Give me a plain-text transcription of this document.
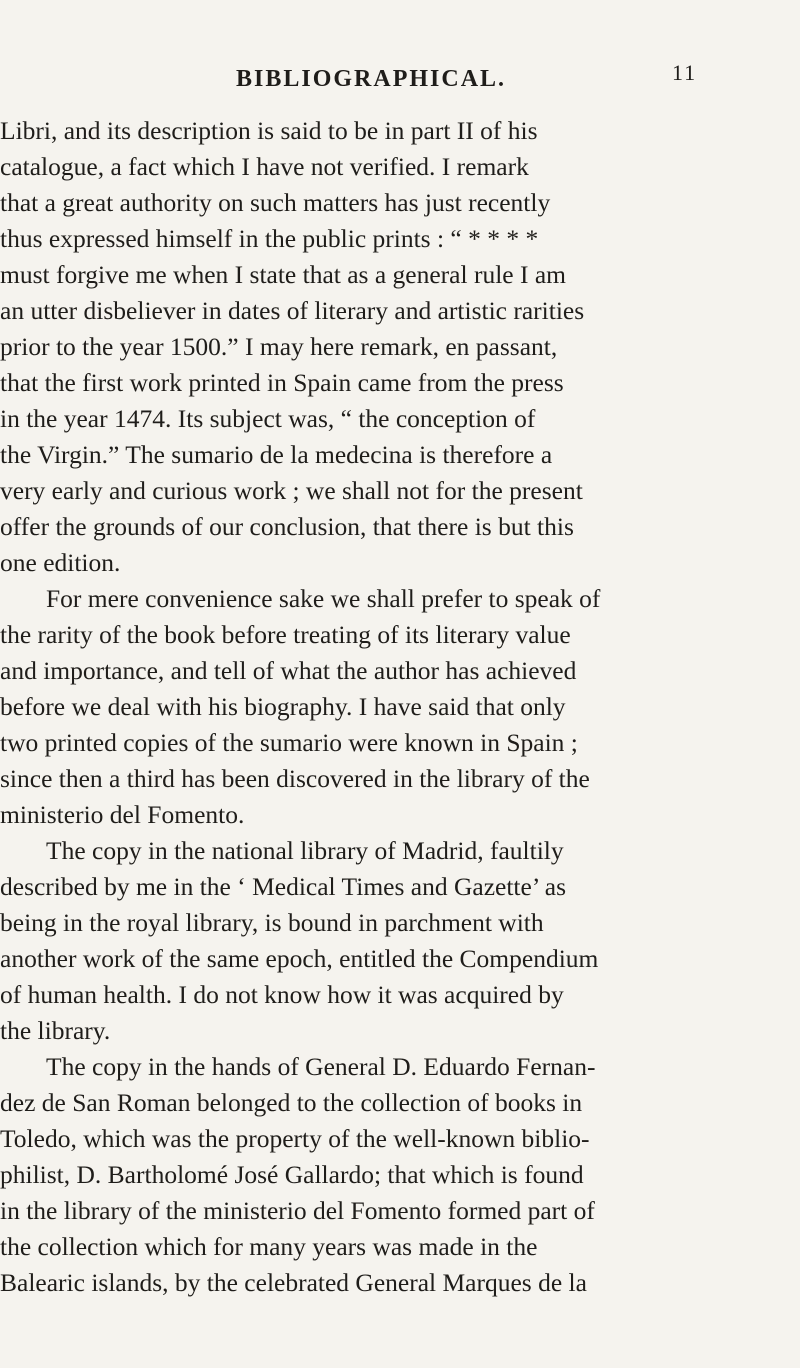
BIBLIOGRAPHICAL.	11
Libri, and its description is said to be in part II of his
catalogue, a fact which I have not verified. I remark
that a great authority on such matters has just recently
thus expressed himself in the public prints : “ * * * *
must forgive me when I state that as a general rule I am
an utter disbeliever in dates of literary and artistic rarities
prior to the year 1500.” I may here remark, en passant,
that the first work printed in Spain came from the press
in the year 1474. Its subject was, “ the conception of
the Virgin.” The sumario de la medecina is therefore a
very early and curious work ; we shall not for the present
offer the grounds of our conclusion, that there is but this
one edition.
For mere convenience sake we shall prefer to speak of
the rarity of the book before treating of its literary value
and importance, and tell of what the author has achieved
before we deal with his biography. I have said that only
two printed copies of the sumario were known in Spain ;
since then a third has been discovered in the library of the
ministerio del Fomento.
The copy in the national library of Madrid, faultily
described by me in the ‘ Medical Times and Gazette’ as
being in the royal library, is bound in parchment with
another work of the same epoch, entitled the Compendium
of human health. I do not know how it was acquired by
the library.
The copy in the hands of General D. Eduardo Fernan-
dez de San Roman belonged to the collection of books in
Toledo, which was the property of the well-known biblio-
philist, D. Bartholomé José Gallardo; that which is found
in the library of the ministerio del Fomento formed part of
the collection which for many years was made in the
Balearic islands, by the celebrated General Marques de la
